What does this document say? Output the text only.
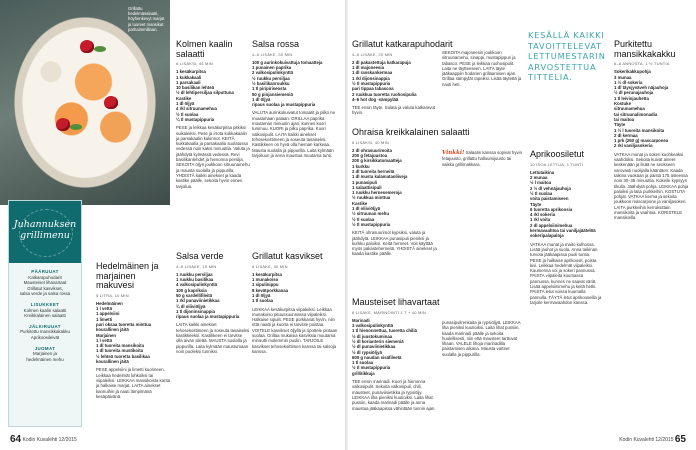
Grillattu hedelmäsalaatti, höyhenkevyt marjat ja tuoreet mansikat parhaimmillaan.
Juhannuksen
grillimenu
PÄÄRUUAT
Katkarapuhodarit
Mausteiset lihavartaat
Grillatut kasvikset,
salsa verde ja salsa rossa
LISUKKEET
Kolmen kaalin salaatti
Kreikkalainen salaatti
JÄLKIRUUAT
Purkitettu mansikkakakku
Aprikoosileivät
JUOMAT
Marjainen ja
hedelmäinen mehu
Kolmen kaalin salaatti
6 LISÄKSI, 45 MIN
1 kesäkurpitsa
1 kukkakaali
1 parsakaali
10 basilikan lehteä
½ dl lehtipersiljaa silputtuna
Kastike
1 dl öljyä
4 rkl sitruunamehua
½ tl suolaa
¼ tl mustapippuria

PESE ja leikkaa kesäkurpitsa pitkiksi suikaleiksi. Pese ja irrota kukkakaalin ja parsakaalin kukinnot. KEITÄ kukkakaalia ja parsakaalia suolatussa vedessä noin kaksi minuuttia. Valuta ja jäähdytä kylmässä vedessä. Revi basilikanlehdet ja hienonna persilja. SEKOITA öljyn joukkoon sitruunamehu ja mausta suolalla ja pippurilla. YHDISTÄ kaikki ainekset ja kaada kastike päälle, sekoita hyvin ennen tarjoilua.

Hedelmäinen ja marjainen makuvesi
5 LITRA, 10 MIN
Hedelmäinen
1 l vettä
1 appelsiini
1 limetti
pari oksaa tuoretta minttua
kourallinen jäitä
Marjainen
1 l vettä
1 dl tuoreita mansikoita
1 dl tuoreita mustikoita
½ lehteä tuoretta basilikaa
kourallinen jäitä

PESE appelsiini ja limetti kuorineen. Leikkaa hedelmät lohkoiksi tai viipaleiksi. LEIKKAA mansikoista kanta ja halkaise marjat. LAITA ainekset kannuihin ja nauti lämpimänä kesäpäivänä.

Salsa rossa
4–6 LISÄKE, 30 MIN
100 g aurinkokuivattuja tomaatteja
1 punainen paprika
2 valkosipulinkynttä
½ ruukku persiljaa
½ basilikanruukku
1 tl piripiriseosta
50 g pinjansiemeniä
1 dl öljyä
ripaus suolaa ja mustapippuria

VALUTA aurinkokuivatut tomaatit ja pilko ne muutamaan palaan. GRILLAA paprika muutaman minuutin ajan, kunnes kuori tummuu. KUORI ja pilko paprika. Kuori valkosipulit. LAITA kaikki ainekset tehosekoittimeen ja soseuta tasaiseksi. Kastikkeen on hyvä olla hieman karkeaa. Mausta suolalla ja pippurilla. Laita kylmään tarjoiluun ja anna maustua muutama tunti.

Salsa verde
4–6 LISÄKE, 15 MIN
1 ruukku persiljaa
1 ruukku basilikaa
4 valkosipulinkynttä
100 g kapriksia
50 g sardellifileitä
1 rkl punaviinietikkaa
¾ dl oliiviöljyä
1 tl dijoninsinappia
ripaus suolaa ja mustapippuria

LAITA kaikki ainekset tehosekoittimeen ja soseuta tasaiseksi kastikkeeksi. Kastikkeen ei tarvitse olla aivan sileää. MAUSTA suolalla ja pippurilla. Laita kylmään maustumaan noin puoleksi tunniksi.

Grillatut kasvikset
6 LISÄKE, 30 MIN
1 kesäkurpitsa
1 munakoiso
1 sipulinippu
8 kevätporkkanaa
1 dl öljyä
1 tl suolaa

LEIKKAA kesäkurpitsa viipaleiksi. Leikkaa munakoiso pituussuunnassa viipaleiksi. Halkaise sipulit. PESE porkkanat hyvin, niin että naatti ja kuorta ei tarvitse poistaa. VOITELE kasvikset öljyllä ja ripottele pintaan suolaa. Grillaa mukaisia kasviksia muutama minuutti molemmin puolin. TARJOILE kasvikset tehosekoittimen kanssa tai salsoja kanssa.

64 Kodin Kuvalehti 12/2015	Kodin Kuvalehti 12/2015 65
Grillatut katkarapuhodarit
4–6 LISÄKE, 20 MIN
2 dl pakastettuja katkarapuja
1 dl majoneesia
1 dl ranskankermaa
1 rkl dijonsinappia
½ tl mustapippuria
pari tippaa tabascoa
2 ruukkua tuoretta ruohosipulia
4–6 hot dog -sämpylää

TEE ensin täyte. Sulata ja valuta katkaravut hyvin.

SEKOITA majoneesin joukkoon sitruunamehu, sinappi, mustapippuri ja tabasco. PESE ja leikkaa ruohosipulit. Laita ne täytteeseen. LAITA täyte jääkaappiin hodarien grillaamisen ajan. Grillaa sämpylät rapeiksi. Lisää täytettä ja nauti heti.

Ohraisa kreikkalainen salaatti
6 LISÄKSI, 40 MIN
2 dl ohrasuurimoita
200 g fetajuustoa
200 g kirsikkatomaatteja
1 kurkku
2 dl tuoreita herneitä
1 dl musta kalamataoliiveja
1 punasipuli
1 salaattisipuli
1 ruukku hernesemeroja
½ ruukkua minttua
Kastike
1 dl oliiviöljyä
½ sitruunan mehu
½ tl suolaa
½ tl mustapippuria

KEITÄ ohrasuurimot kypsiksi, valuta ja jäähdytä. LEIKKAA punasipuli pieniksi ja kurkku paloiksi. Keitä herneet. Voit käyttää myös pakasteherneitä. YHDISTÄ ainekset ja kaada kastike päälle.

Vinkki! Salaatin kanssa sopivat hyvin fetajuusto, grillattu halloumijuusto tai vaikka grillimakkara.

Mausteiset lihavartaat
6 LISÄKE, MARINOINTI 1 T + 40 MIN
Marinadi
3 valkosipulinkynttä
1 tl hienonnettua, tuoretta chiliä
½ dl juustokuminaa
½ dl korianterin siemeniä
½ dl punaviinietikkaa
½ dl rypsiöljyä
600 g naudan sisäfileetä
1 tl suolaa
½ tl mustapippuria
grillitikkuja

TEE ensin marinadi. Kuori ja hienonna valkosipulit. Sekoita valkosipuli, chili, mausteet, punaviinietikka ja rypsiöljy. LEIKKAA liha pieniksi kuutioiksi. Laita lihat pussiin, kaada marinadi päälle ja anna maustua jääkaapissa vähintään tunnin ajan.

punasipulirenkaita ja rypsiöljyä. LEIKKAA liha pieniksi kuutioiksi. Laita lihat pussiin, kaada marinadi päälle ja sekoita huolellisesti, niin että mausteet tarttuvat lihaan. VALELE lihoja marinadilla paistamisen aikana. Mausta varteet suolalla ja pippurilla.

KESÄLLÄ KAIKKI TAVOITTELEVAT LETTUMESTARIN ARVOSTETTUA TITTELIA.
Aprikoosiletut
10 ISOA LETTUA, 1 TUNTI
Lettutaikina
2 munaa
½ l maitoa
2 ½ dl vehnäjauhoja
½ tl suolaa
voita paistamiseen
Täyte
6 tuoretta aprikoosia
4 rkl sokeria
1 rkl voita
2 dl appelsiinimehua
kermavaahtoa tai vaniljajäätelöä
sokeripalapaloja

VATKAA munat ja maito kulhossa. Lisää jauhot ja suola. Anna taikinan turvota jääkaapissa puoli tuntia. PESE ja halkaise aprikoosit, poista kivi. Leikkaa hedelmät viipaleiksi. Kuumenna voi ja sokeri pannussa. PAISTA viipaleita kuumassa pannussa, kunnes ne saavat väriä. Lisää appelsiinimehu ja keitä hetki. PAISTA letut voissa kuumalla pannulla. TÄYTÄ letut aprikooseilla ja tarjoile kermavaahdon kanssa.

Purkitettu mansikkakakku
6–8 ANNOSTA, 1 ½ TUNTIA
Sokerikakkupohja
3 munaa
1 ½ dl sokeria
1 dl täysjyväveh näjauhoja
½ dl perunajauhoja
1 tl leivinjauhetta
Kostuke
sitruunamehua
tai sitruunalimonadia
tai maitoa
Täyte
1 ½ l tuoreita mansikoita
2 dl kermaa
1 prk (250 g) mascarponea
2 rkl vaniljasokeria

VATKAA munat ja sokeri kuohkeaksi vaahdoksi. Sekoita kuivat aineet keskenään ja lisää ne seokseen varovasti nuolijalla kääntäen. Kaada taikina vuokaan ja paista 175 asteessa noin 30–35 minuuttia. Kokeile kypsyys tikulla. Jäähdytä pohja. LEIKKAA pohja paloiksi ja laita purkkeihin. KOSTUTA pohjat. VATKAA kerma ja sekoita joukkoon mascarpone ja vaniljasokeri. LAITA purkkeihin kerroksittain mansikoita ja vaahtoa. KORISTELE mansikoilla.
